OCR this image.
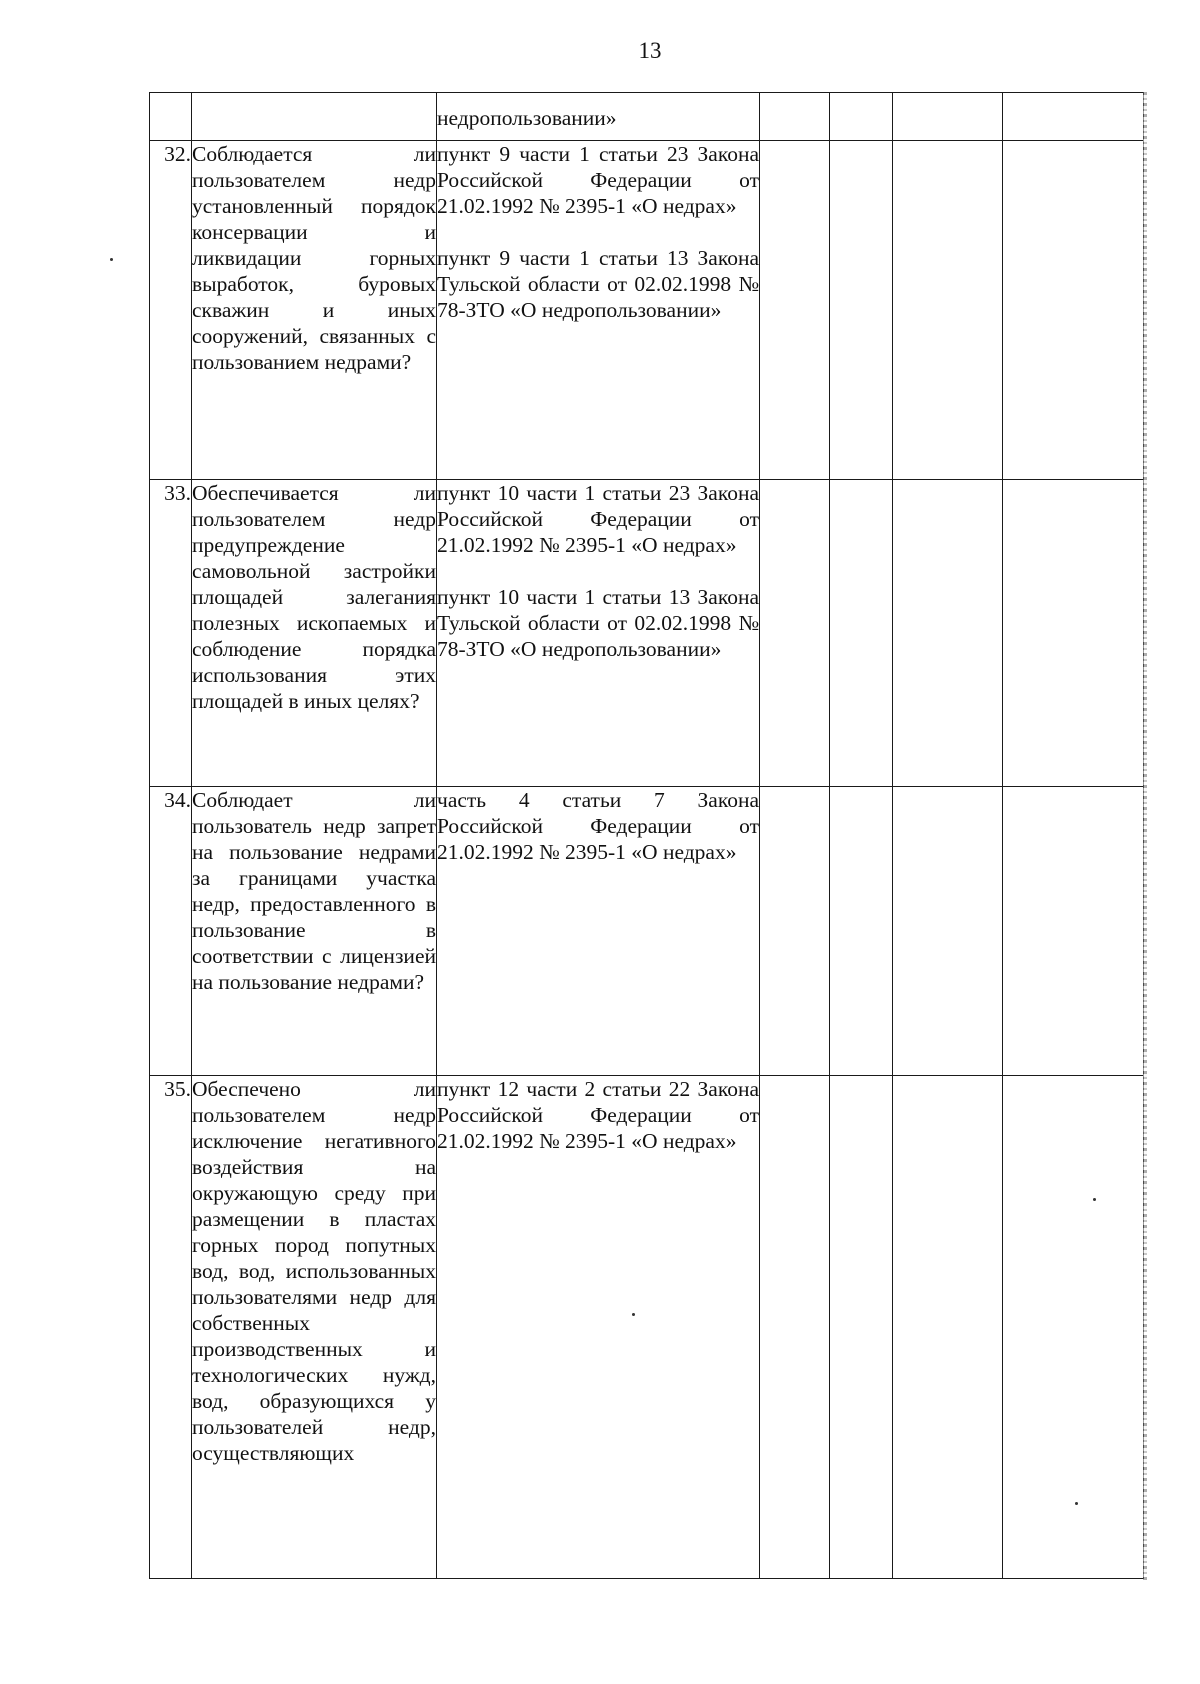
13

		недропользовании»				

32.	Соблюдается ли пользователем недр установленный порядок консервации и ликвидации горных выработок, буровых скважин и иных сооружений, связанных с пользованием недрами?	пункт 9 части 1 статьи 23 Закона Российской Федерации от 21.02.1992 № 2395-1 «О недрах»
пункт 9 части 1 статьи 13 Закона Тульской области от 02.02.1998 № 78-ЗТО «О недропользовании»				

33.	Обеспечивается ли пользователем недр предупреждение самовольной застройки площадей залегания полезных ископаемых и соблюдение порядка использования этих площадей в иных целях?	пункт 10 части 1 статьи 23 Закона Российской Федерации от 21.02.1992 № 2395-1 «О недрах»
пункт 10 части 1 статьи 13 Закона Тульской области от 02.02.1998 № 78-ЗТО «О недропользовании»				

34.	Соблюдает ли пользователь недр запрет на пользование недрами за границами участка недр, предоставленного в пользование в соответствии с лицензией на пользование недрами?	часть 4 статьи 7 Закона Российской Федерации от 21.02.1992 № 2395-1 «О недрах»				

35.	Обеспечено ли пользователем недр исключение негативного воздействия на окружающую среду при размещении в пластах горных пород попутных вод, вод, использованных пользователями недр для собственных производственных и технологических нужд, вод, образующихся у пользователей недр, осуществляющих	пункт 12 части 2 статьи 22 Закона Российской Федерации от 21.02.1992 № 2395-1 «О недрах»				
